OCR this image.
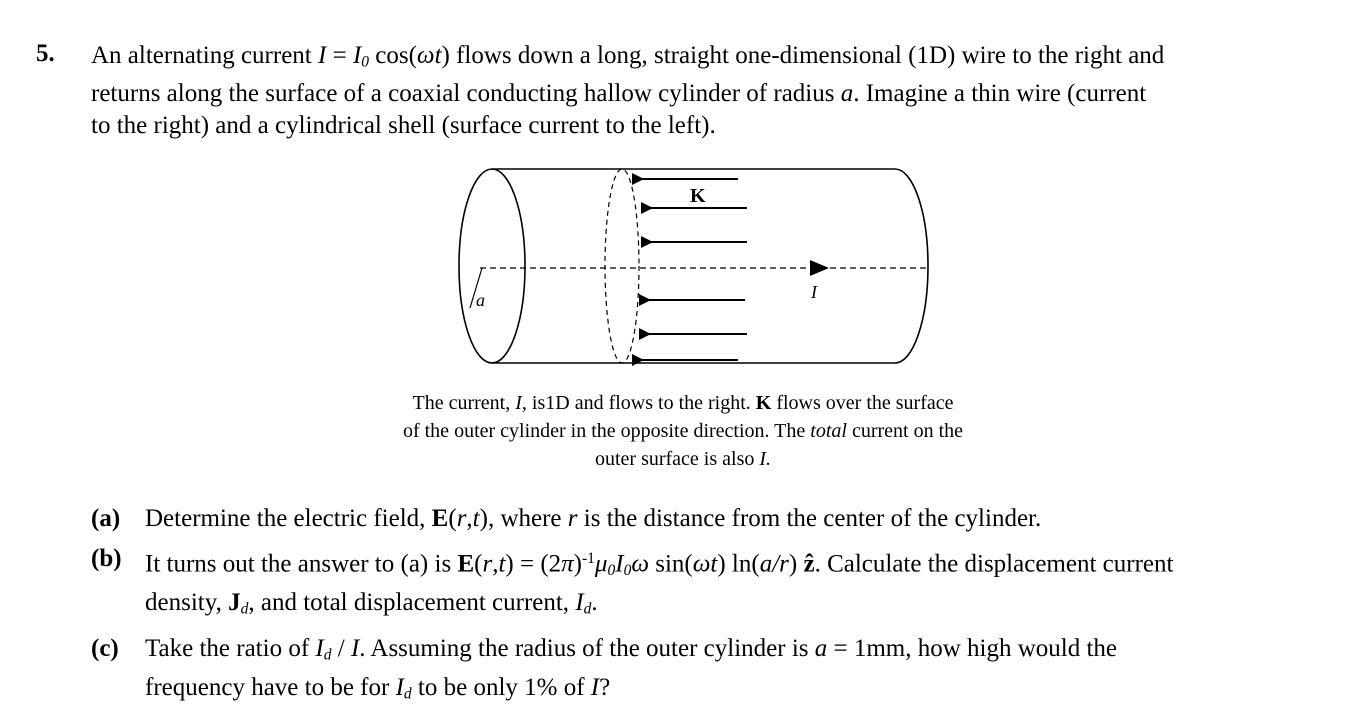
5. An alternating current $I = I_0$ cos(ωt) flows down a long, straight one-dimensional (1D) wire to the right and
returns along the surface of a coaxial conducting hallow cylinder of radius a. Imagine a thin wire (current
to the right) and a cylindrical shell (surface current to the left).
K
a	I
The current, I, is1D and flows to the right. K flows over the surface
of the outer cylinder in the opposite direction. The total current on the
outer surface is also I.
(a) Determine the electric field, E(r,t), where r is the distance from the center of the cylinder.
(b) It turns out the answer to (a) is $E(r,t) = (2\pi)^{-1}\mu_0I_0\omega$ sin(ωt) ln(a/r) ẑ. Calculate the displacement current
density, $J_d$, and total displacement current, $I_d$.
(c) Take the ratio of $I_d$ / I. Assuming the radius of the outer cylinder is a = 1mm, how high would the
frequency have to be for $I_d$ to be only 1% of I?
